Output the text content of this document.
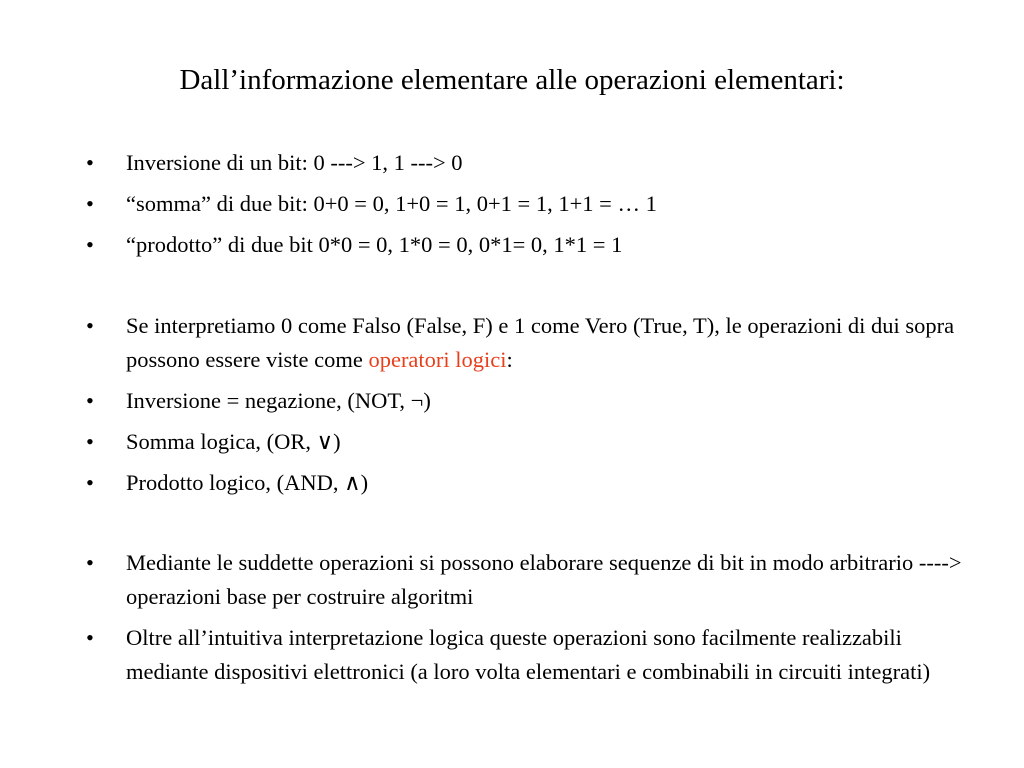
Dall’informazione elementare alle operazioni elementari:
• Inversione di un bit: 0 ---> 1, 1 ---> 0
• “somma” di due bit: 0+0 = 0, 1+0 = 1, 0+1 = 1, 1+1 = … 1
• “prodotto” di due bit 0*0 = 0, 1*0 = 0, 0*1= 0, 1*1 = 1
• Se interpretiamo 0 come Falso (False, F) e 1 come Vero (True, T), le operazioni di dui sopra possono essere viste come operatori logici:
• Inversione = negazione, (NOT, ¬)
• Somma logica, (OR, ∨)
• Prodotto logico, (AND, ∧)
• Mediante le suddette operazioni si possono elaborare sequenze di bit in modo arbitrario ----> operazioni base per costruire algoritmi
• Oltre all’intuitiva interpretazione logica queste operazioni sono facilmente realizzabili mediante dispositivi elettronici (a loro volta elementari e combinabili in circuiti integrati)
